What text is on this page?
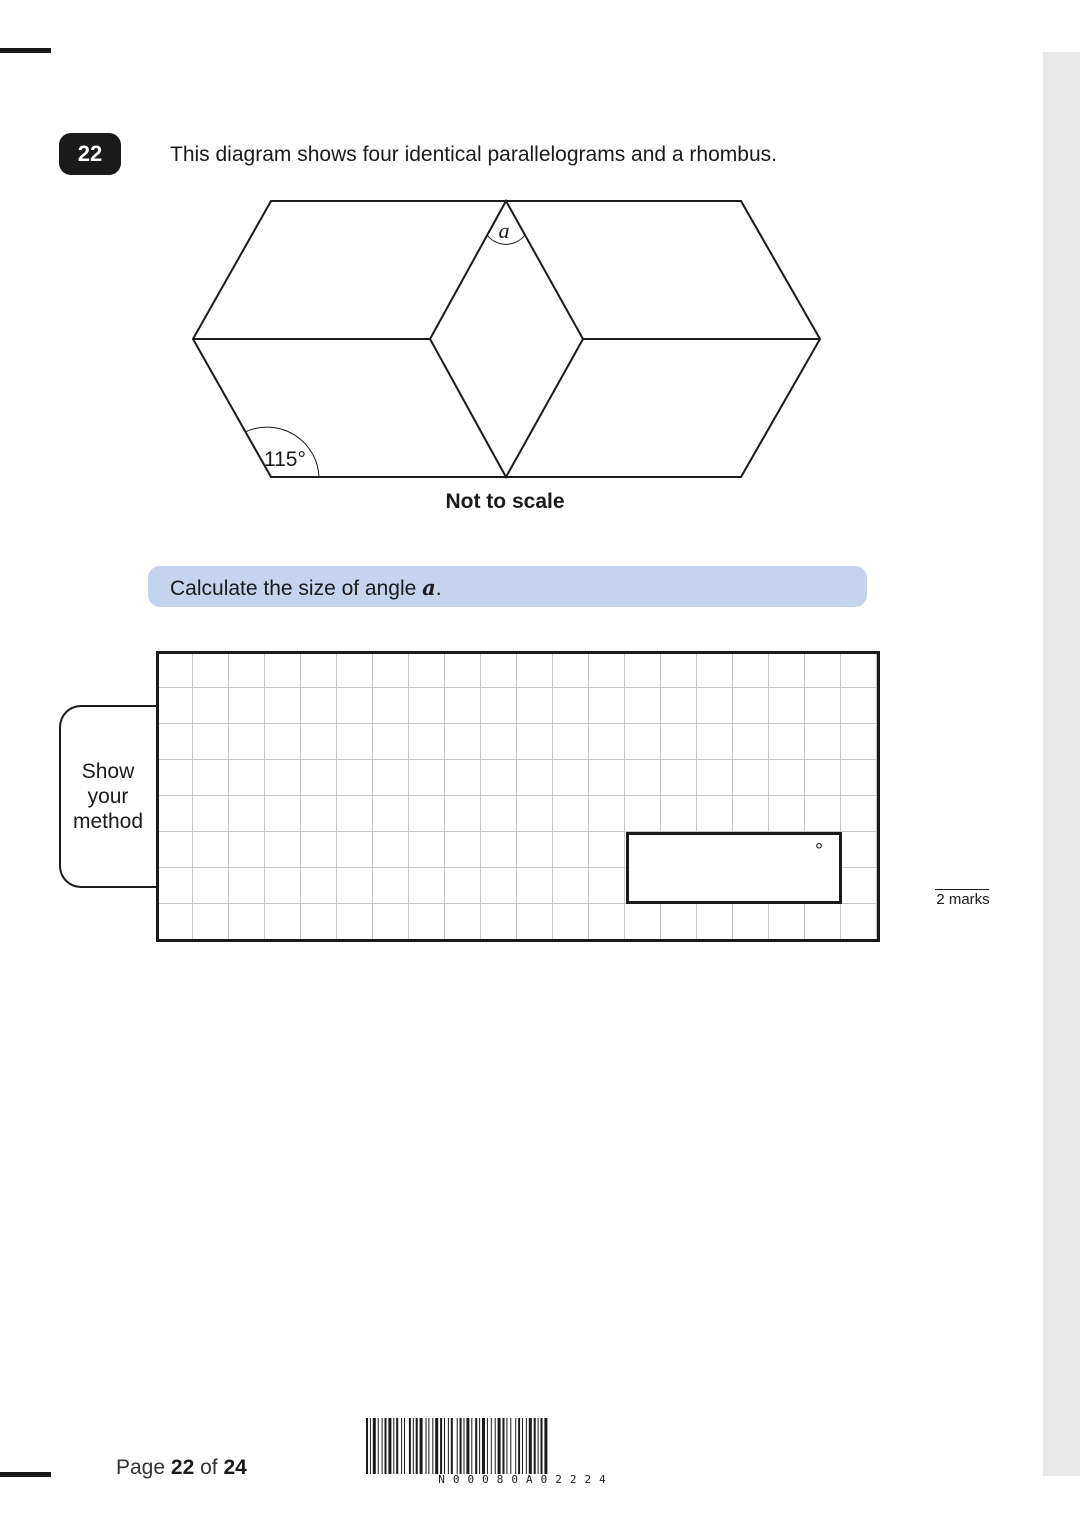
22	This diagram shows four identical parallelograms and a rhombus.
115°
a
Not to scale
Calculate the size of angle a.
Show
your
method
°
2 marks
Page 22 of 24
N00080A02224
